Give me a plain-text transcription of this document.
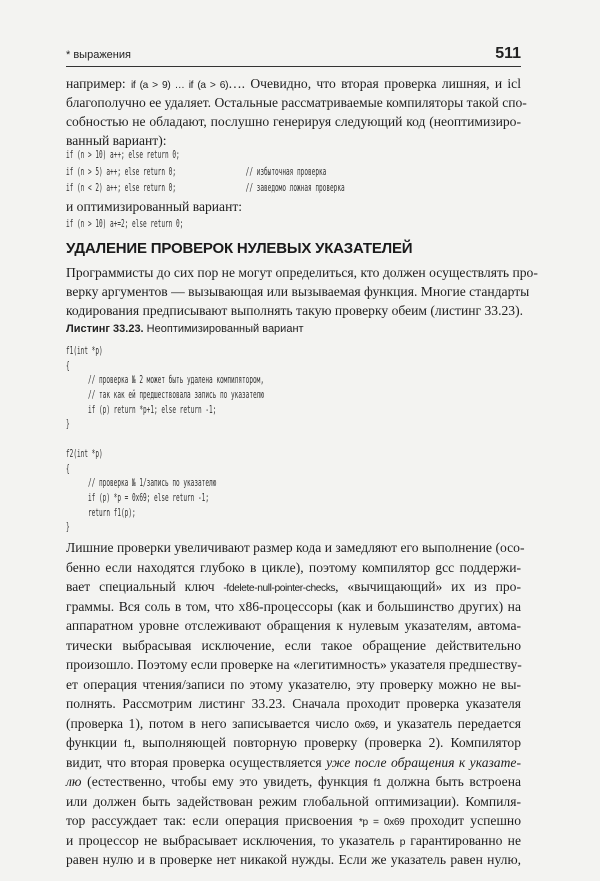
* выражения	511
например: if (a > 9) … if (a > 6)…. Очевидно, что вторая проверка лишняя, и icl
благополучно ее удаляет. Остальные рассматриваемые компиляторы такой спо-
собностью не обладают, послушно генерируя следующий код (неоптимизиро-
ванный вариант):
if (n > 10) a++; else return 0;
if (n > 5) a++; else return 0;                   // избыточная проверка
if (n < 2) a++; else return 0;                   // заведомо ложная проверка
и оптимизированный вариант:
if (n > 10) a+=2; else return 0;
УДАЛЕНИЕ ПРОВЕРОК НУЛЕВЫХ УКАЗАТЕЛЕЙ
Программисты до сих пор не могут определиться, кто должен осуществлять про-
верку аргументов — вызывающая или вызываемая функция. Многие стандарты
кодирования предписывают выполнять такую проверку обеим (листинг 33.23).
Листинг 33.23. Неоптимизированный вариант
f1(int *p)
{
// проверка № 2 может быть удалена компилятором,
// так как ей предшествовала запись по указателю
if (p) return *p+1; else return -1;
}

f2(int *p)
{
// проверка № 1/запись по указателю
if (p) *p = 0x69; else return -1;
return f1(p);
}
Лишние проверки увеличивают размер кода и замедляют его выполнение (осо-
бенно если находятся глубоко в цикле), поэтому компилятор gcc поддержи-
вает специальный ключ -fdelete-null-pointer-checks, «вычищающий» их из про-
граммы. Вся соль в том, что x86-процессоры (как и большинство других) на
аппаратном уровне отслеживают обращения к нулевым указателям, автома-
тически выбрасывая исключение, если такое обращение действительно
произошло. Поэтому если проверке на «легитимность» указателя предшеству-
ет операция чтения/записи по этому указателю, эту проверку можно не вы-
полнять. Рассмотрим листинг 33.23. Сначала проходит проверка указателя
(проверка 1), потом в него записывается число 0x69, и указатель передается
функции f1, выполняющей повторную проверку (проверка 2). Компилятор
видит, что вторая проверка осуществляется уже после обращения к указате-
лю (естественно, чтобы ему это увидеть, функция f1 должна быть встроена
или должен быть задействован режим глобальной оптимизации). Компиля-
тор рассуждает так: если операция присвоения *p = 0x69 проходит успешно
и процессор не выбрасывает исключения, то указатель p гарантированно не
равен нулю и в проверке нет никакой нужды. Если же указатель равен нулю,
